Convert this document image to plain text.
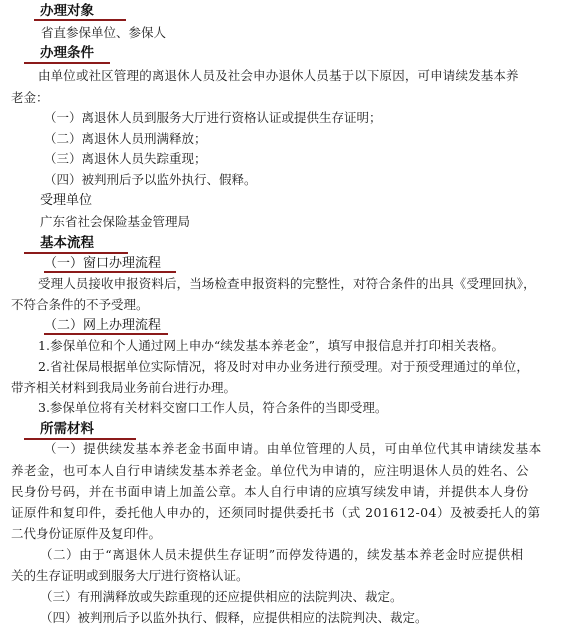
办理对象
省直参保单位、参保人
办理条件
由单位或社区管理的离退休人员及社会申办退休人员基于以下原因，可申请续发基本养
老金：
（一）离退休人员到服务大厅进行资格认证或提供生存证明；
（二）离退休人员刑满释放；
（三）离退休人员失踪重现；
（四）被判刑后予以监外执行、假释。
受理单位
广东省社会保险基金管理局
基本流程
（一）窗口办理流程
受理人员接收申报资料后，当场检查申报资料的完整性，对符合条件的出具《受理回执》，
不符合条件的不予受理。
（二）网上办理流程
1.参保单位和个人通过网上申办“续发基本养老金”，填写申报信息并打印相关表格。
2.省社保局根据单位实际情况，将及时对申办业务进行预受理。对于预受理通过的单位，
带齐相关材料到我局业务前台进行办理。
3.参保单位将有关材料交窗口工作人员，符合条件的当即受理。
所需材料
（一）提供续发基本养老金书面申请。由单位管理的人员，可由单位代其申请续发基本
养老金，也可本人自行申请续发基本养老金。单位代为申请的，应注明退休人员的姓名、公
民身份号码，并在书面申请上加盖公章。本人自行申请的应填写续发申请，并提供本人身份
证原件和复印件，委托他人申办的，还须同时提供委托书（式 201612-04）及被委托人的第
二代身份证原件及复印件。
（二）由于“离退休人员未提供生存证明”而停发待遇的，续发基本养老金时应提供相
关的生存证明或到服务大厅进行资格认证。
（三）有刑满释放或失踪重现的还应提供相应的法院判决、裁定。
（四）被判刑后予以监外执行、假释，应提供相应的法院判决、裁定。
